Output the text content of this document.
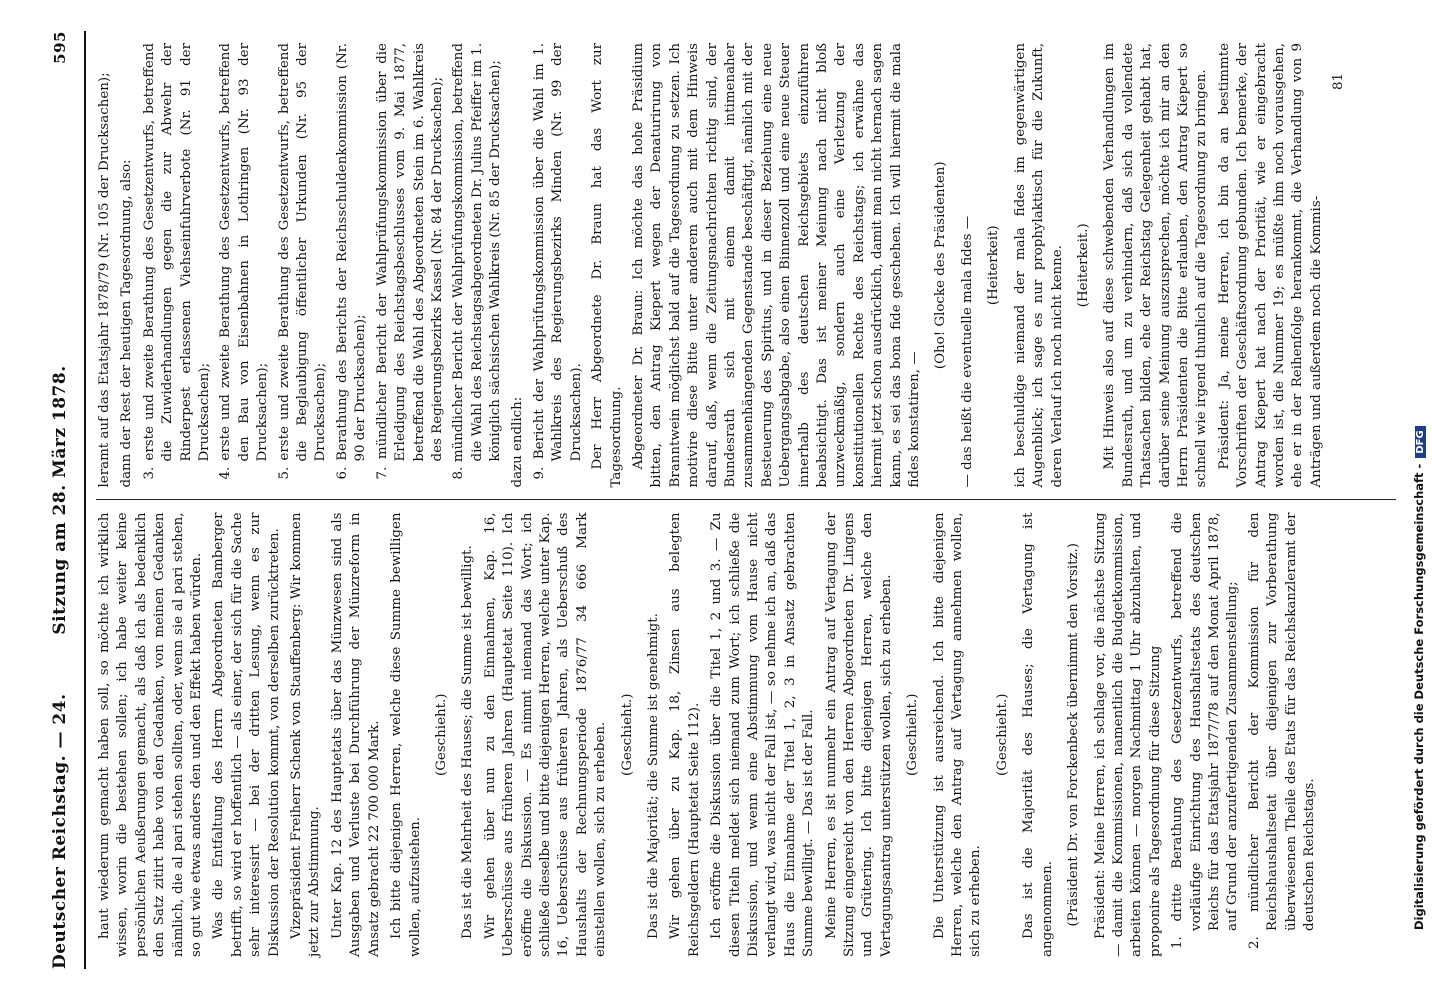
Deutscher Reichstag. — 24.
Sitzung am 28. März 1878.
595

haut wiederum gemacht haben soll, so möchte ich wirklich wissen, worin die bestehen sollen; ich habe weiter keine persönlichen Aeußerungen gemacht, als daß ich als bedenklich den Satz zitirt habe von den Gedanken, von meinen Gedanken nämlich, die al pari stehen sollten, oder, wenn sie al pari stehen, so gut wie etwas anders den und den Effekt haben würden. Was die Entfaltung des Herrn Abgeordneten Bamberger betrifft, so wird er hoffentlich — als einer, der sich für die Sache sehr interessirt — bei der dritten Lesung, wenn es zur Diskussion der Resolution kommt, von derselben zurücktreten. Vizepräsident Freiherr Schenk von Stauffenberg: Wir kommen jetzt zur Abstimmung. Unter Kap. 12 des Hauptetats über das Münzwesen sind als Ausgaben und Verluste bei Durchführung der Münzreform in Ansatz gebracht 22 700 000 Mark. Ich bitte diejenigen Herren, welche diese Summe bewilligen wollen, aufzustehen.

(Geschieht.) Das ist die Mehrheit des Hauses; die Summe ist bewilligt. Wir gehen über nun zu den Einnahmen, Kap. 16, Ueberschüsse aus früheren Jahren (Hauptetat Seite 110). Ich eröffne die Diskussion. — Es nimmt niemand das Wort; ich schließe dieselbe und bitte diejenigen Herren, welche unter Kap. 16, Ueberschüsse aus früheren Jahren, als Ueberschuß des Haushalts der Rechnungsperiode 1876/77 34 666 Mark einstellen wollen, sich zu erheben. (Geschieht.) Das ist die Majorität; die Summe ist genehmigt. Wir gehen über zu Kap. 18, Zinsen aus belegten Reichsgeldern (Hauptetat Seite 112). Ich eröffne die Diskussion über die Titel 1, 2 und 3. — Zu diesen Titeln meldet sich niemand zum Wort; ich schließe die Diskussion, und wenn eine Abstimmung vom Hause nicht verlangt wird, was nicht der Fall ist, — so nehme ich an, daß das Haus die Einnahme der Titel 1, 2, 3 in Ansatz gebrachten Summe bewilligt. — Das ist der Fall. Meine Herren, es ist nunmehr ein Antrag auf Vertagung der Sitzung eingereicht von den Herren Abgeordneten Dr. Lingens und Grütering. Ich bitte diejenigen Herren, welche den Vertagungsantrag unterstützen wollen, sich zu erheben. (Geschieht.) Die Unterstützung ist ausreichend. Ich bitte diejenigen Herren, welche den Antrag auf Vertagung annehmen wollen, sich zu erheben.

(Geschieht.) Das ist die Majorität des Hauses; die Vertagung ist angenommen. (Präsident Dr. von Forckenbeck übernimmt den Vorsitz.) Präsident: Meine Herren, ich schlage vor, die nächste Sitzung — damit die Kommissionen, namentlich die Budgetkommission, arbeiten können — morgen Nachmittag 1 Uhr abzuhalten, und proponire als Tagesordnung für diese Sitzung 1. dritte Berathung des Gesetzentwurfs, betreffend die vorläufige Einrichtung des Haushaltsetats des deutschen Reichs für das Etatsjahr 1877/78 auf den Monat April 1878, auf Grund der anzufertigenden Zusammenstellung; 2. mündlicher Bericht der Kommission für den Reichshaushaltsetat über diejenigen zur Vorberathung überwiesenen Theile des Etats für das Reichskanzleramt der deutschen Reichstags.

leramt auf das Etatsjahr 1878/79 (Nr. 105 der Drucksachen); dann der Rest der heutigen Tagesordnung, also: 3. erste und zweite Berathung des Gesetzentwurfs, betreffend die Zuwiderhandlungen gegen die zur Abwehr der Rinderpest erlassenen Viehseinfuhrverbote (Nr. 91 der Drucksachen); 4. erste und zweite Berathung des Gesetzentwurfs, betreffend den Bau von Eisenbahnen in Lothringen (Nr. 93 der Drucksachen); 5. erste und zweite Berathung des Gesetzentwurfs, betreffend die Beglaubigung öffentlicher Urkunden (Nr. 95 der Drucksachen); 6. Berathung des Berichts der Reichsschuldenkommission (Nr. 90 der Drucksachen); 7. mündlicher Bericht der Wahlprüfungskommission über die Erledigung des Reichstagsbeschlusses vom 9. Mai 1877, betreffend die Wahl des Abgeordneten Stein im 6. Wahlkreis des Regierungsbezirks Kassel (Nr. 84 der Drucksachen); 8. mündlicher Bericht der Wahlprüfungskommission, betreffend die Wahl des Reichstagsabgeordneten Dr. Julius Pfeiffer im 1. königlich sächsischen Wahlkreis (Nr. 85 der Drucksachen); dazu endlich: 9. Bericht der Wahlprüfungskommission über die Wahl im 1. Wahlkreis des Regierungsbezirks Minden (Nr. 99 der Drucksachen). Der Herr Abgeordnete Dr. Braun hat das Wort zur Tagesordnung. Abgeordneter Dr. Braun: Ich möchte das hohe Präsidium bitten, den Antrag Kiepert wegen der Denaturirung von Branntwein möglichst bald auf die Tagesordnung zu setzen. Ich motivire diese Bitte unter anderem auch mit dem Hinweis darauf, daß, wenn die Zeitungsnachrichten richtig sind, der Bundesrath sich mit einem damit intimenaher zusammenhängenden Gegenstande beschäftigt, nämlich mit der Besteuerung des Spiritus, und in dieser Beziehung eine neue Uebergangsabgabe, also einen Binnenzoll und eine neue Steuer innerhalb des deutschen Reichsgebiets einzuführen beabsichtigt. Das ist meiner Meinung nach nicht bloß unzweckmäßig, sondern auch eine Verletzung der konstitutionellen Rechte des Reichstags; ich erwähne das hiermit jetzt schon ausdrücklich, damit man nicht hernach sagen kann, es sei das bona fide geschehen. Ich will hiermit die mala fides konstatiren, —

(Oho! Glocke des Präsidenten) — das heißt die eventuelle mala fides — (Heiterkeit) ich beschuldige niemand der mala fides im gegenwärtigen Augenblick; ich sage es nur prophylaktisch für die Zukunft, deren Verlauf ich noch nicht kenne. (Heiterkeit.) Mit Hinweis also auf diese schwebenden Verhandlungen im Bundesrath, und um zu verhindern, daß sich da vollendete Thatsachen bilden, ehe der Reichstag Gelegenheit gehabt hat, darüber seine Meinung auszusprechen, möchte ich mir an den Herrn Präsidenten die Bitte erlauben, den Antrag Kiepert so schnell wie irgend thunlich auf die Tagesordnung zu bringen. Präsident: Ja, meine Herren, ich bin da an bestimmte Vorschriften der Geschäftsordnung gebunden. Ich bemerke, der Antrag Kiepert hat nach der Priorität, wie er eingebracht worden ist, die Nummer 19; es müßte ihm noch vorausgehen, ehe er in der Reihenfolge herankommt, die Verhandlung von 9 Anträgen und außerdem noch die Kommis-

81

Digitalisierung gefördert durch die Deutsche Forschungsgemeinschaft -DFG
